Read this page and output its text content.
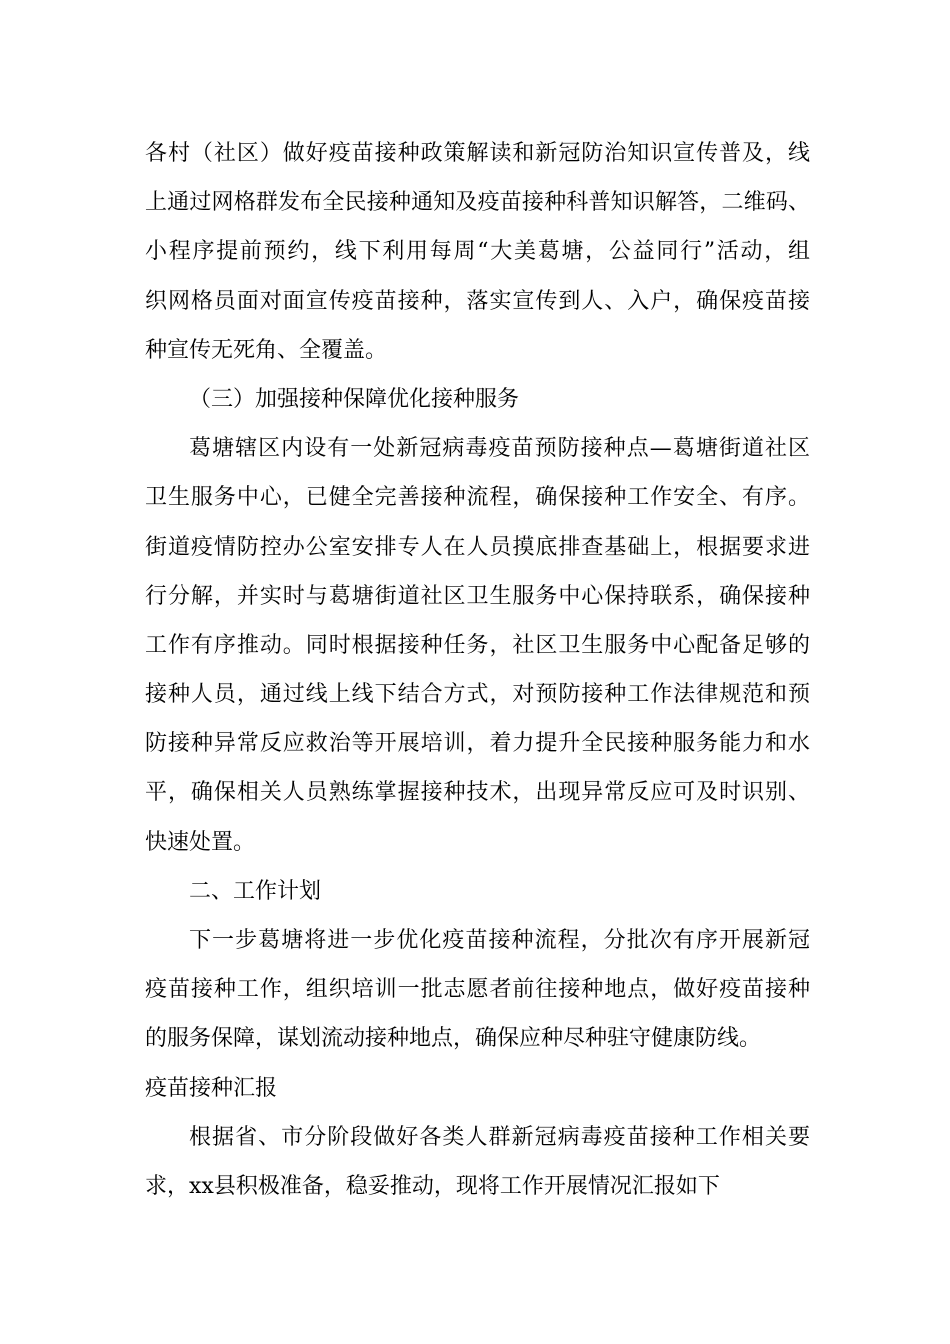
各村（社区）做好疫苗接种政策解读和新冠防治知识宣传普及，线
上通过网格群发布全民接种通知及疫苗接种科普知识解答，二维码、
小程序提前预约，线下利用每周“大美葛塘，公益同行”活动，组
织网格员面对面宣传疫苗接种，落实宣传到人、入户，确保疫苗接
种宣传无死角、全覆盖。
（三）加强接种保障优化接种服务
葛塘辖区内设有一处新冠病毒疫苗预防接种点—葛塘街道社区
卫生服务中心，已健全完善接种流程，确保接种工作安全、有序。
街道疫情防控办公室安排专人在人员摸底排查基础上，根据要求进
行分解，并实时与葛塘街道社区卫生服务中心保持联系，确保接种
工作有序推动。同时根据接种任务，社区卫生服务中心配备足够的
接种人员，通过线上线下结合方式，对预防接种工作法律规范和预
防接种异常反应救治等开展培训，着力提升全民接种服务能力和水
平，确保相关人员熟练掌握接种技术，出现异常反应可及时识别、
快速处置。
二、工作计划
下一步葛塘将进一步优化疫苗接种流程，分批次有序开展新冠
疫苗接种工作，组织培训一批志愿者前往接种地点，做好疫苗接种
的服务保障，谋划流动接种地点，确保应种尽种驻守健康防线。
疫苗接种汇报
根据省、市分阶段做好各类人群新冠病毒疫苗接种工作相关要
求，xx县积极准备，稳妥推动，现将工作开展情况汇报如下
